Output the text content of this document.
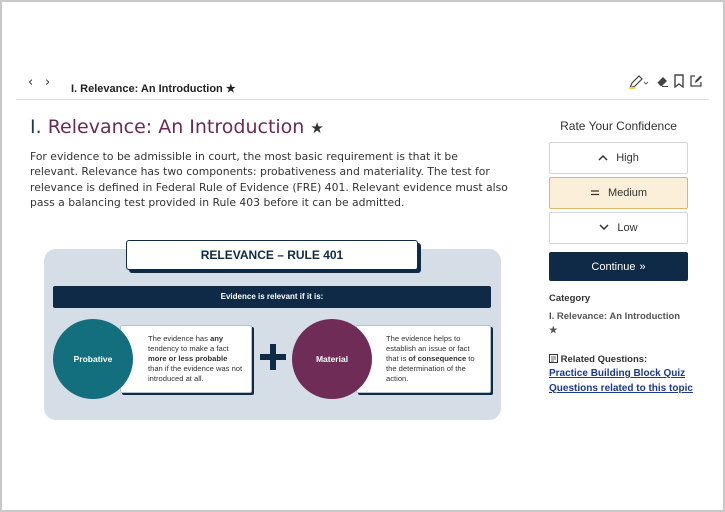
‹ › I. Relevance: An Introduction ★
I. Relevance: An Introduction ★

For evidence to be admissible in court, the most basic requirement is that it be relevant. Relevance has two components: probativeness and materiality. The test for relevance is defined in Federal Rule of Evidence (FRE) 401. Relevant evidence must also pass a balancing test provided in Rule 403 before it can be admitted.

RELEVANCE – RULE 401
Evidence is relevant if it is:
The evidence has any tendency to make a fact more or less probable than if the evidence was not introduced at all.
Probative
The evidence helps to establish an issue or fact that is of consequence to the determination of the action.
Material
Rate Your Confidence
High
Medium
Low
Continue »
Category
I. Relevance: An Introduction
★
Related Questions:
Practice Building Block Quiz
Questions related to this topic
